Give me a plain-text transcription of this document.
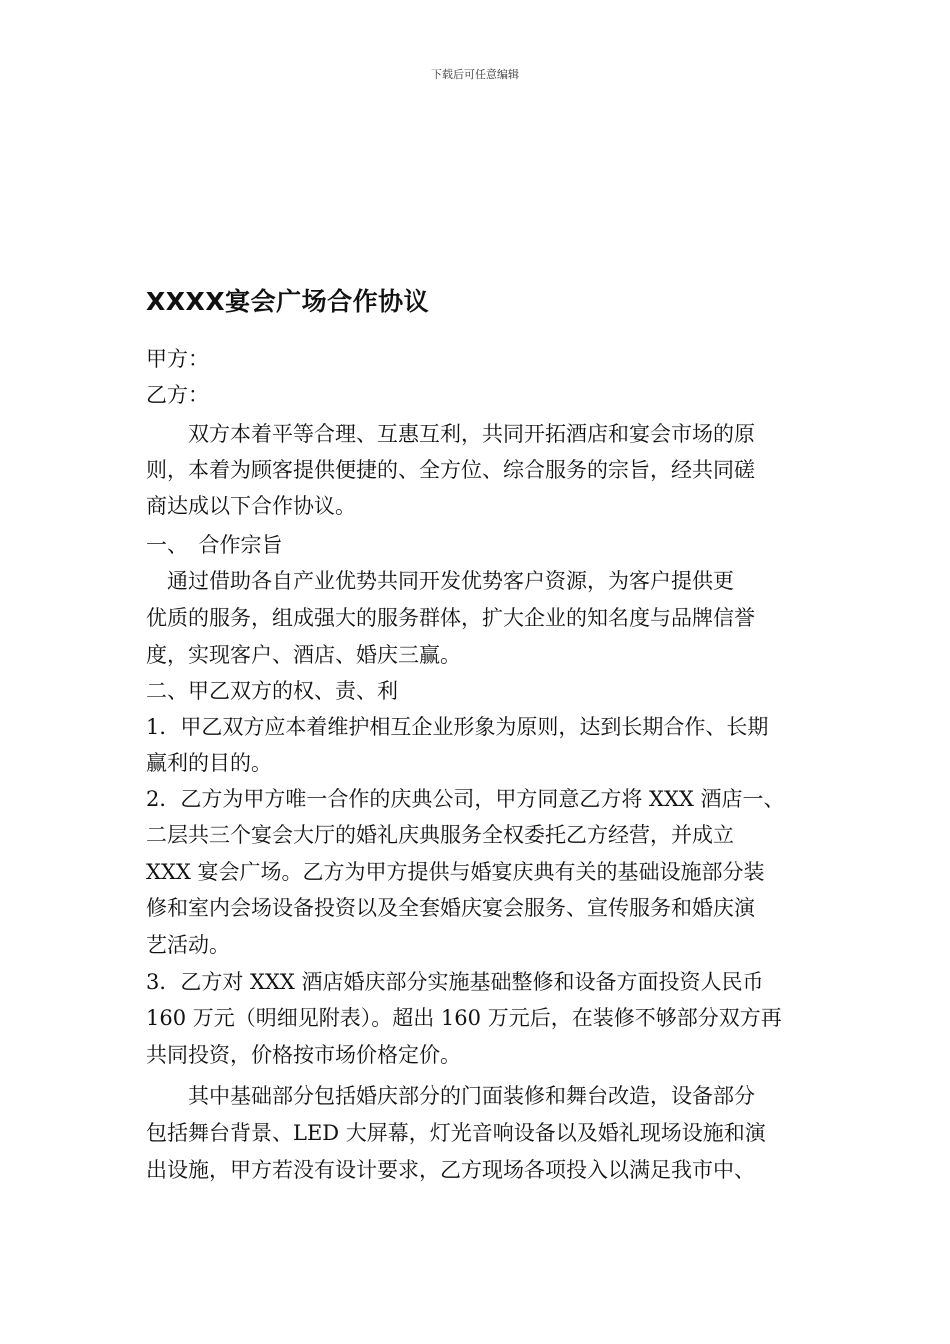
下载后可任意编辑
XXXX宴会广场合作协议
甲方：
乙方：
　　双方本着平等合理、互惠互利，共同开拓酒店和宴会市场的原
则，本着为顾客提供便捷的、全方位、综合服务的宗旨，经共同磋
商达成以下合作协议。
一、　合作宗旨
　通过借助各自产业优势共同开发优势客户资源，为客户提供更
优质的服务，组成强大的服务群体，扩大企业的知名度与品牌信誉
度，实现客户、酒店、婚庆三赢。
二、甲乙双方的权、责、利
1．甲乙双方应本着维护相互企业形象为原则，达到长期合作、长期
赢利的目的。
2．乙方为甲方唯一合作的庆典公司，甲方同意乙方将 XXX 酒店一、
二层共三个宴会大厅的婚礼庆典服务全权委托乙方经营，并成立
XXX 宴会广场。乙方为甲方提供与婚宴庆典有关的基础设施部分装
修和室内会场设备投资以及全套婚庆宴会服务、宣传服务和婚庆演
艺活动。
3．乙方对 XXX 酒店婚庆部分实施基础整修和设备方面投资人民币
160 万元（明细见附表）。超出 160 万元后，在装修不够部分双方再
共同投资，价格按市场价格定价。
　　其中基础部分包括婚庆部分的门面装修和舞台改造，设备部分
包括舞台背景、LED 大屏幕，灯光音响设备以及婚礼现场设施和演
出设施，甲方若没有设计要求，乙方现场各项投入以满足我市中、
